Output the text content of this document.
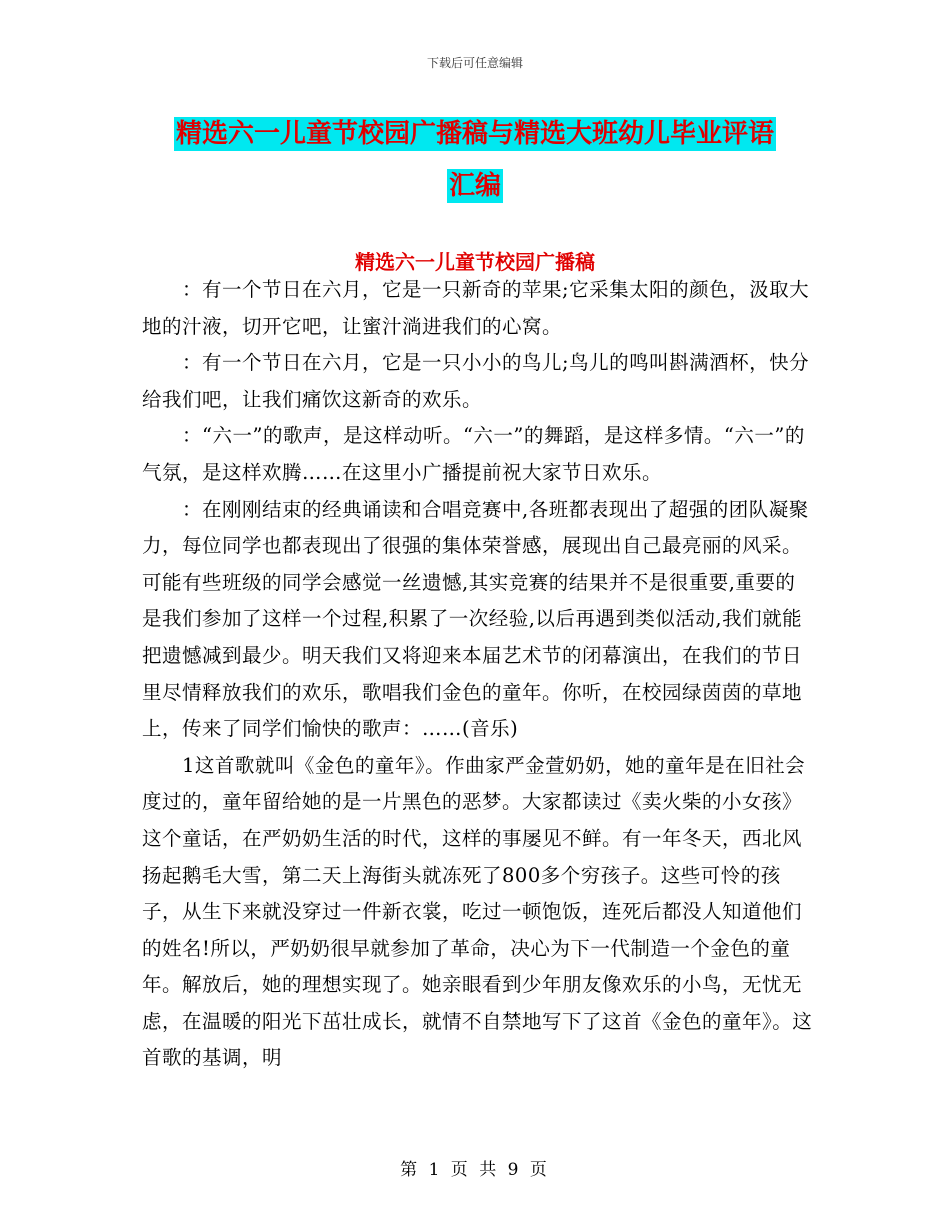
下载后可任意编辑
精选六一儿童节校园广播稿与精选大班幼儿毕业评语
汇编
精选六一儿童节校园广播稿

：有一个节日在六月，它是一只新奇的苹果;它采集太阳的颜色，汲取大地的汁液，切开它吧，让蜜汁淌进我们的心窝。

：有一个节日在六月，它是一只小小的鸟儿;鸟儿的鸣叫斟满酒杯，快分给我们吧，让我们痛饮这新奇的欢乐。

：“六一”的歌声，是这样动听。“六一”的舞蹈，是这样多情。“六一”的气氛，是这样欢腾……在这里小广播提前祝大家节日欢乐。

：在刚刚结束的经典诵读和合唱竞赛中,各班都表现出了超强的团队凝聚力，每位同学也都表现出了很强的集体荣誉感，展现出自己最亮丽的风采。可能有些班级的同学会感觉一丝遗憾,其实竞赛的结果并不是很重要,重要的是我们参加了这样一个过程,积累了一次经验,以后再遇到类似活动,我们就能把遗憾减到最少。明天我们又将迎来本届艺术节的闭幕演出，在我们的节日里尽情释放我们的欢乐，歌唱我们金色的童年。你听，在校园绿茵茵的草地上，传来了同学们愉快的歌声：……(音乐)

1这首歌就叫《金色的童年》。作曲家严金萱奶奶，她的童年是在旧社会度过的，童年留给她的是一片黑色的恶梦。大家都读过《卖火柴的小女孩》这个童话，在严奶奶生活的时代，这样的事屡见不鲜。有一年冬天，西北风扬起鹅毛大雪，第二天上海街头就冻死了800多个穷孩子。这些可怜的孩子，从生下来就没穿过一件新衣裳，吃过一顿饱饭，连死后都没人知道他们的姓名!所以，严奶奶很早就参加了革命，决心为下一代制造一个金色的童年。解放后，她的理想实现了。她亲眼看到少年朋友像欢乐的小鸟，无忧无虑，在温暖的阳光下茁壮成长，就情不自禁地写下了这首《金色的童年》。这首歌的基调，明

第 1 页 共 9 页
